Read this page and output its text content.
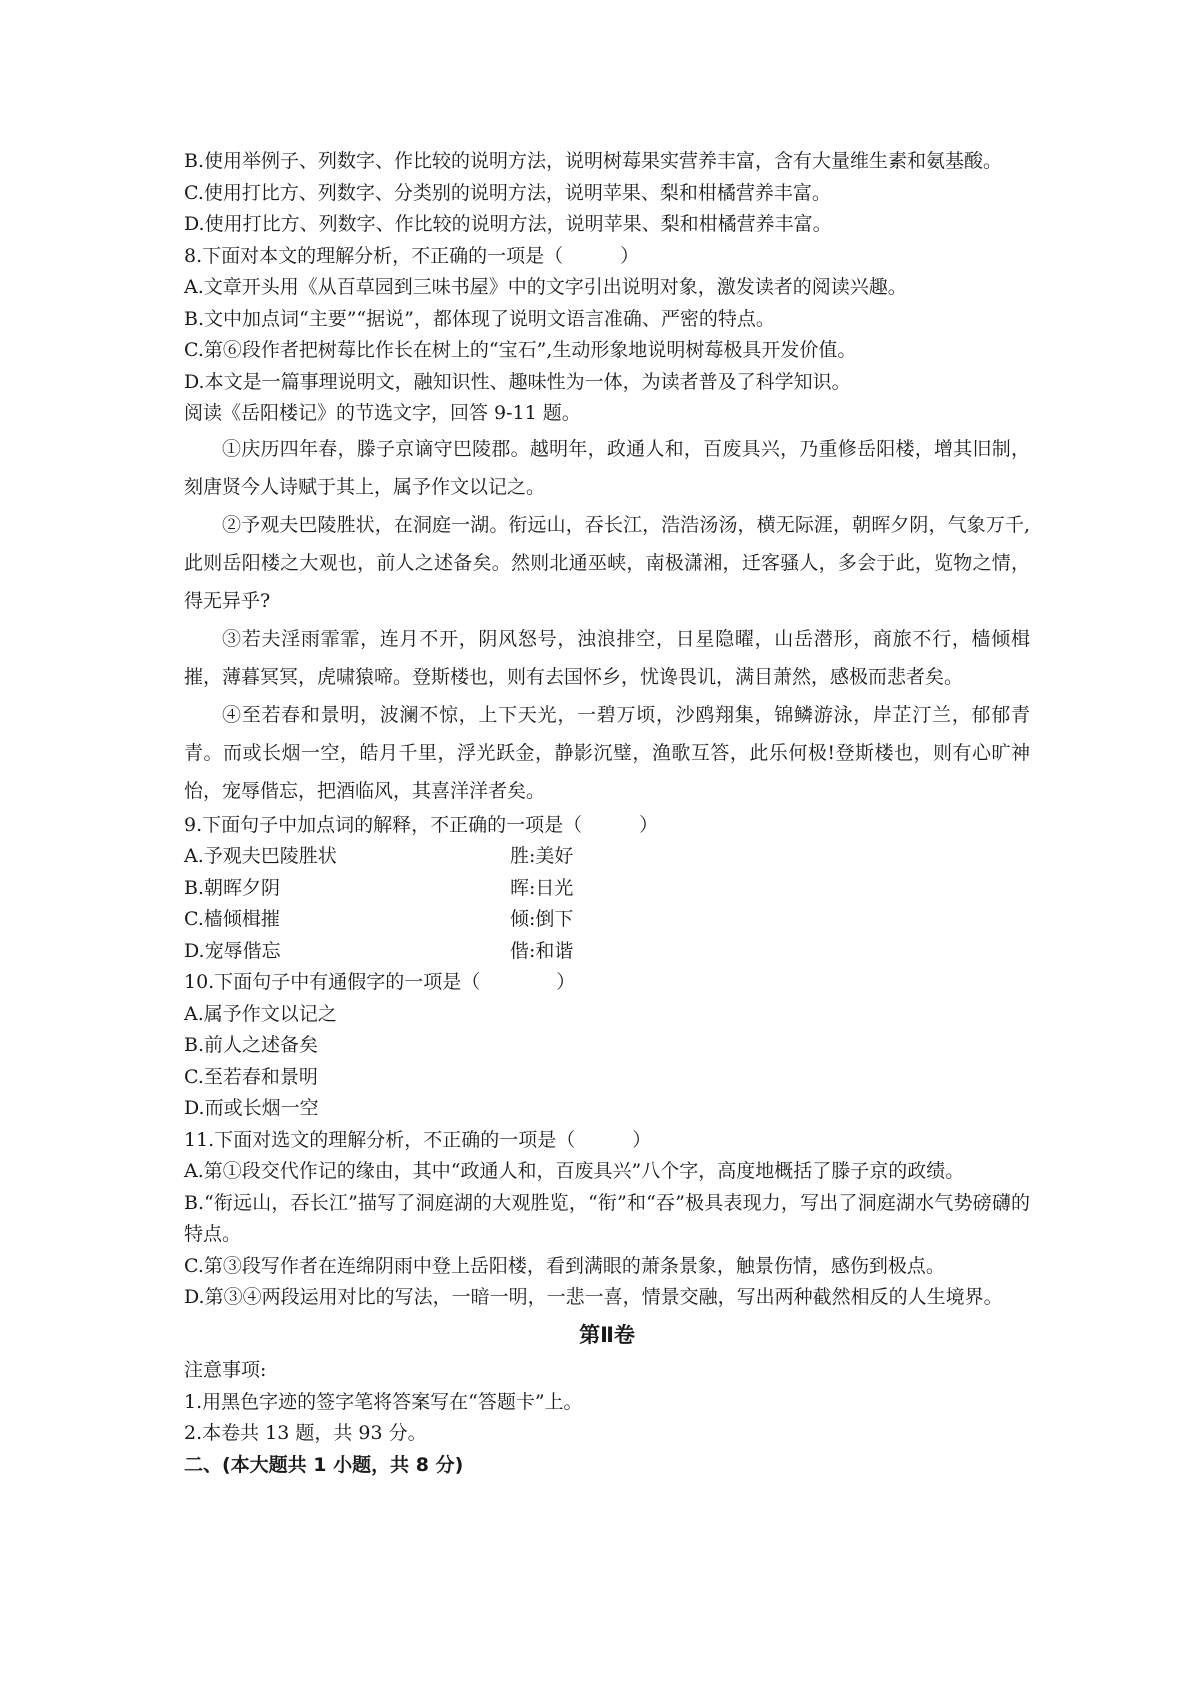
B.使用举例子、列数字、作比较的说明方法，说明树莓果实营养丰富，含有大量维生素和氨基酸。
C.使用打比方、列数字、分类别的说明方法，说明苹果、梨和柑橘营养丰富。
D.使用打比方、列数字、作比较的说明方法，说明苹果、梨和柑橘营养丰富。
8.下面对本文的理解分析，不正确的一项是（　　　）
A.文章开头用《从百草园到三味书屋》中的文字引出说明对象，激发读者的阅读兴趣。
B.文中加点词“主要”“据说”，都体现了说明文语言准确、严密的特点。
C.第⑥段作者把树莓比作长在树上的“宝石”,生动形象地说明树莓极具开发价值。
D.本文是一篇事理说明文，融知识性、趣味性为一体，为读者普及了科学知识。
阅读《岳阳楼记》的节选文字，回答 9-11 题。
①庆历四年春，滕子京谪守巴陵郡。越明年，政通人和，百废具兴，乃重修岳阳楼，增其旧制，刻唐贤今人诗赋于其上，属予作文以记之。
②予观夫巴陵胜状，在洞庭一湖。衔远山，吞长江，浩浩汤汤，横无际涯，朝晖夕阴，气象万千,此则岳阳楼之大观也，前人之述备矣。然则北通巫峡，南极潇湘，迁客骚人，多会于此，览物之情，得无异乎?
③若夫淫雨霏霏，连月不开，阴风怒号，浊浪排空，日星隐曜，山岳潜形，商旅不行，樯倾楫摧，薄暮冥冥，虎啸猿啼。登斯楼也，则有去国怀乡，忧谗畏讥，满目萧然，感极而悲者矣。
④至若春和景明，波澜不惊，上下天光，一碧万顷，沙鸥翔集，锦鳞游泳，岸芷汀兰，郁郁青青。而或长烟一空，皓月千里，浮光跃金，静影沉璧，渔歌互答，此乐何极!登斯楼也，则有心旷神怡，宠辱偕忘，把酒临风，其喜洋洋者矣。
9.下面句子中加点词的解释，不正确的一项是（　　　）
A.予观夫巴陵胜状	胜:美好
B.朝晖夕阴	晖:日光
C.樯倾楫摧	倾:倒下
D.宠辱偕忘	偕:和谐
10.下面句子中有通假字的一项是（　　　　）
A.属予作文以记之
B.前人之述备矣
C.至若春和景明
D.而或长烟一空
11.下面对选文的理解分析，不正确的一项是（　　　）
A.第①段交代作记的缘由，其中“政通人和，百废具兴”八个字，高度地概括了滕子京的政绩。
B.“衔远山，吞长江”描写了洞庭湖的大观胜览，“衔”和“吞”极具表现力，写出了洞庭湖水气势磅礴的特点。
C.第③段写作者在连绵阴雨中登上岳阳楼，看到满眼的萧条景象，触景伤情，感伤到极点。
D.第③④两段运用对比的写法，一暗一明，一悲一喜，情景交融，写出两种截然相反的人生境界。
第Ⅱ卷
注意事项:
1.用黑色字迹的签字笔将答案写在“答题卡”上。
2.本卷共 13 题，共 93 分。
二、(本大题共 1 小题，共 8 分)
